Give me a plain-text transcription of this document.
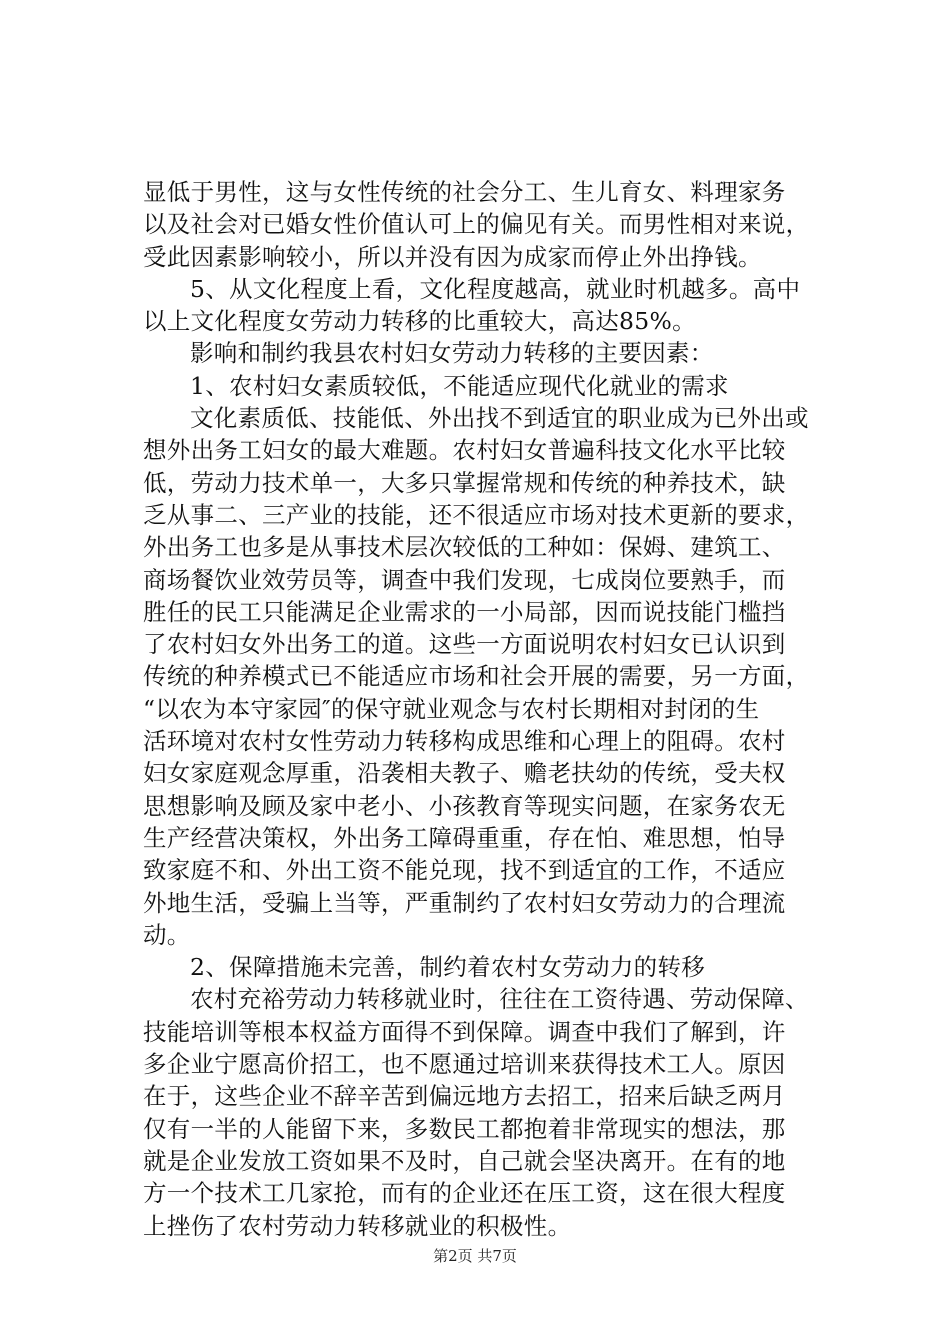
显低于男性，这与女性传统的社会分工、生儿育女、料理家务
以及社会对已婚女性价值认可上的偏见有关。而男性相对来说，
受此因素影响较小，所以并没有因为成家而停止外出挣钱。
5、从文化程度上看，文化程度越高，就业时机越多。高中
以上文化程度女劳动力转移的比重较大，高达85%。
影响和制约我县农村妇女劳动力转移的主要因素：
1、农村妇女素质较低，不能适应现代化就业的需求
文化素质低、技能低、外出找不到适宜的职业成为已外出或
想外出务工妇女的最大难题。农村妇女普遍科技文化水平比较
低，劳动力技术单一，大多只掌握常规和传统的种养技术，缺
乏从事二、三产业的技能，还不很适应市场对技术更新的要求，
外出务工也多是从事技术层次较低的工种如：保姆、建筑工、
商场餐饮业效劳员等，调查中我们发现，七成岗位要熟手，而
胜任的民工只能满足企业需求的一小局部，因而说技能门槛挡
了农村妇女外出务工的道。这些一方面说明农村妇女已认识到
传统的种养模式已不能适应市场和社会开展的需要，另一方面，
“以农为本守家园″的保守就业观念与农村长期相对封闭的生
活环境对农村女性劳动力转移构成思维和心理上的阻碍。农村
妇女家庭观念厚重，沿袭相夫教子、赡老扶幼的传统，受夫权
思想影响及顾及家中老小、小孩教育等现实问题，在家务农无
生产经营决策权，外出务工障碍重重，存在怕、难思想，怕导
致家庭不和、外出工资不能兑现，找不到适宜的工作，不适应
外地生活，受骗上当等，严重制约了农村妇女劳动力的合理流
动。
2、保障措施未完善，制约着农村女劳动力的转移
农村充裕劳动力转移就业时，往往在工资待遇、劳动保障、
技能培训等根本权益方面得不到保障。调查中我们了解到，许
多企业宁愿高价招工，也不愿通过培训来获得技术工人。原因
在于，这些企业不辞辛苦到偏远地方去招工，招来后缺乏两月
仅有一半的人能留下来，多数民工都抱着非常现实的想法，那
就是企业发放工资如果不及时，自己就会坚决离开。在有的地
方一个技术工几家抢，而有的企业还在压工资，这在很大程度
上挫伤了农村劳动力转移就业的积极性。
第2页 共7页
